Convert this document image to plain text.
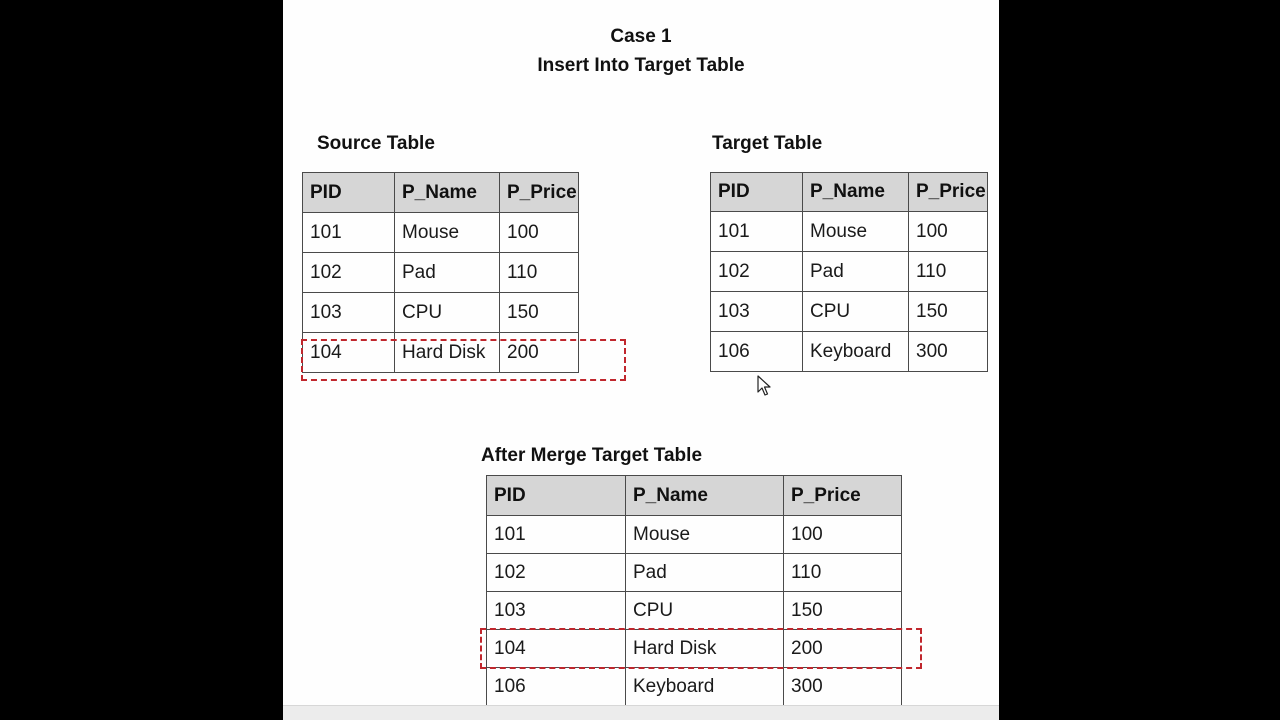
Case 1
Insert Into Target Table
Source Table
PID	P_Name	P_Price
101	Mouse	100
102	Pad	110
103	CPU	150
104	Hard Disk	200
Target Table
PID	P_Name	P_Price
101	Mouse	100
102	Pad	110
103	CPU	150
106	Keyboard	300
After Merge Target Table
PID	P_Name	P_Price
101	Mouse	100
102	Pad	110
103	CPU	150
104	Hard Disk	200
106	Keyboard	300
